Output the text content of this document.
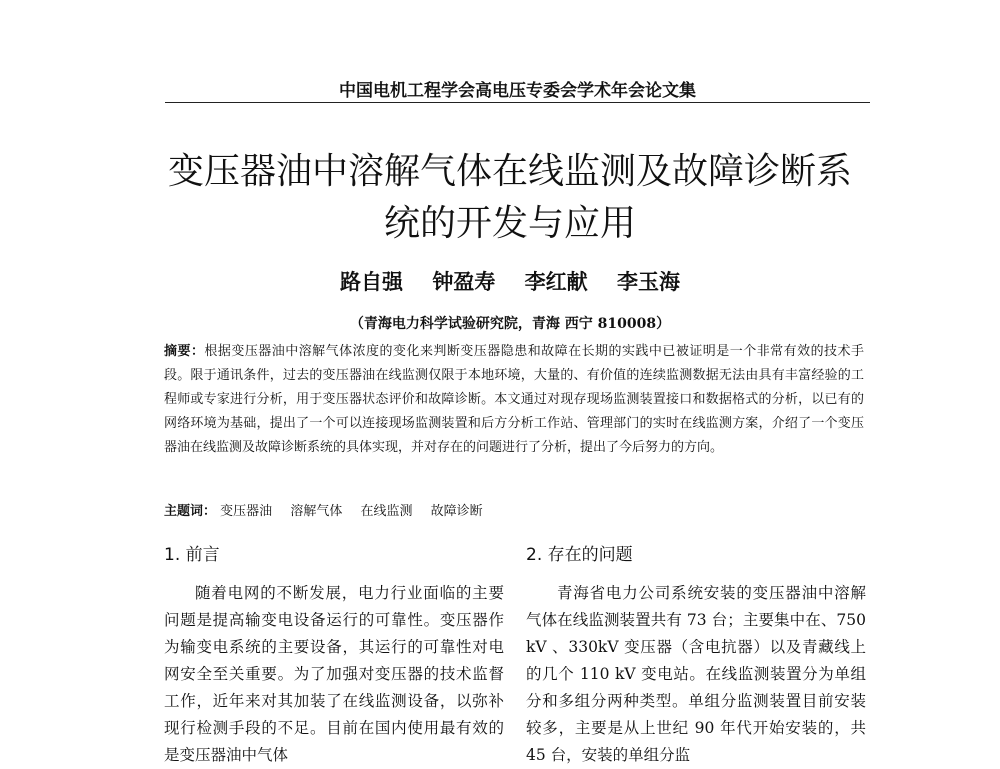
中国电机工程学会高电压专委会学术年会论文集
变压器油中溶解气体在线监测及故障诊断系
统的开发与应用
路自强 钟盈寿 李红献 李玉海
（青海电力科学试验研究院，青海 西宁 810008）
摘要：根据变压器油中溶解气体浓度的变化来判断变压器隐患和故障在长期的实践中已被证明是一个非常有效的技术手段。限于通讯条件，过去的变压器油在线监测仅限于本地环境，大量的、有价值的连续监测数据无法由具有丰富经验的工程师或专家进行分析，用于变压器状态评价和故障诊断。本文通过对现存现场监测装置接口和数据格式的分析，以已有的网络环境为基础，提出了一个可以连接现场监测装置和后方分析工作站、管理部门的实时在线监测方案，介绍了一个变压器油在线监测及故障诊断系统的具体实现，并对存在的问题进行了分析，提出了今后努力的方向。
主题词： 变压器油 溶解气体 在线监测 故障诊断
1. 前言

随着电网的不断发展，电力行业面临的主要问题是提高输变电设备运行的可靠性。变压器作为输变电系统的主要设备，其运行的可靠性对电网安全至关重要。为了加强对变压器的技术监督工作，近年来对其加装了在线监测设备，以弥补现行检测手段的不足。目前在国内使用最有效的是变压器油中气体

2. 存在的问题

青海省电力公司系统安装的变压器油中溶解气体在线监测装置共有 73 台；主要集中在、750 kV 、330kV 变压器（含电抗器）以及青藏线上的几个 110 kV 变电站。在线监测装置分为单组分和多组分两种类型。单组分监测装置目前安装较多，主要是从上世纪 90 年代开始安装的，共 45 台，安装的单组分监
